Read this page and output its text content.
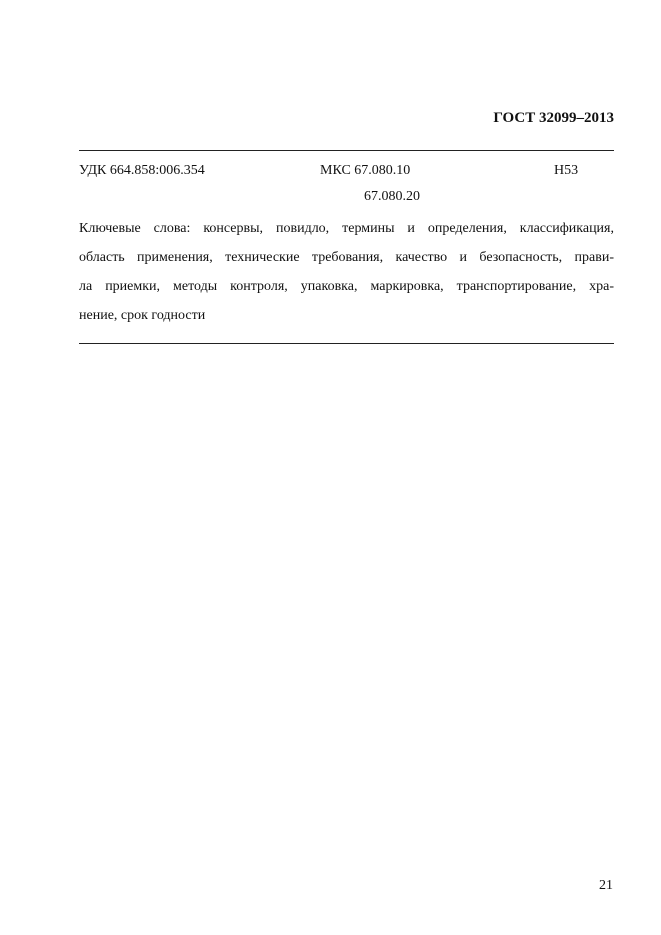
ГОСТ 32099–2013
УДК 664.858:006.354	МКС 67.080.10	Н53
67.080.20
Ключевые слова: консервы, повидло, термины и определения, классификация,
область применения, технические требования, качество и безопасность, прави-
ла приемки, методы контроля, упаковка, маркировка, транспортирование, хра-
нение, срок годности
21
